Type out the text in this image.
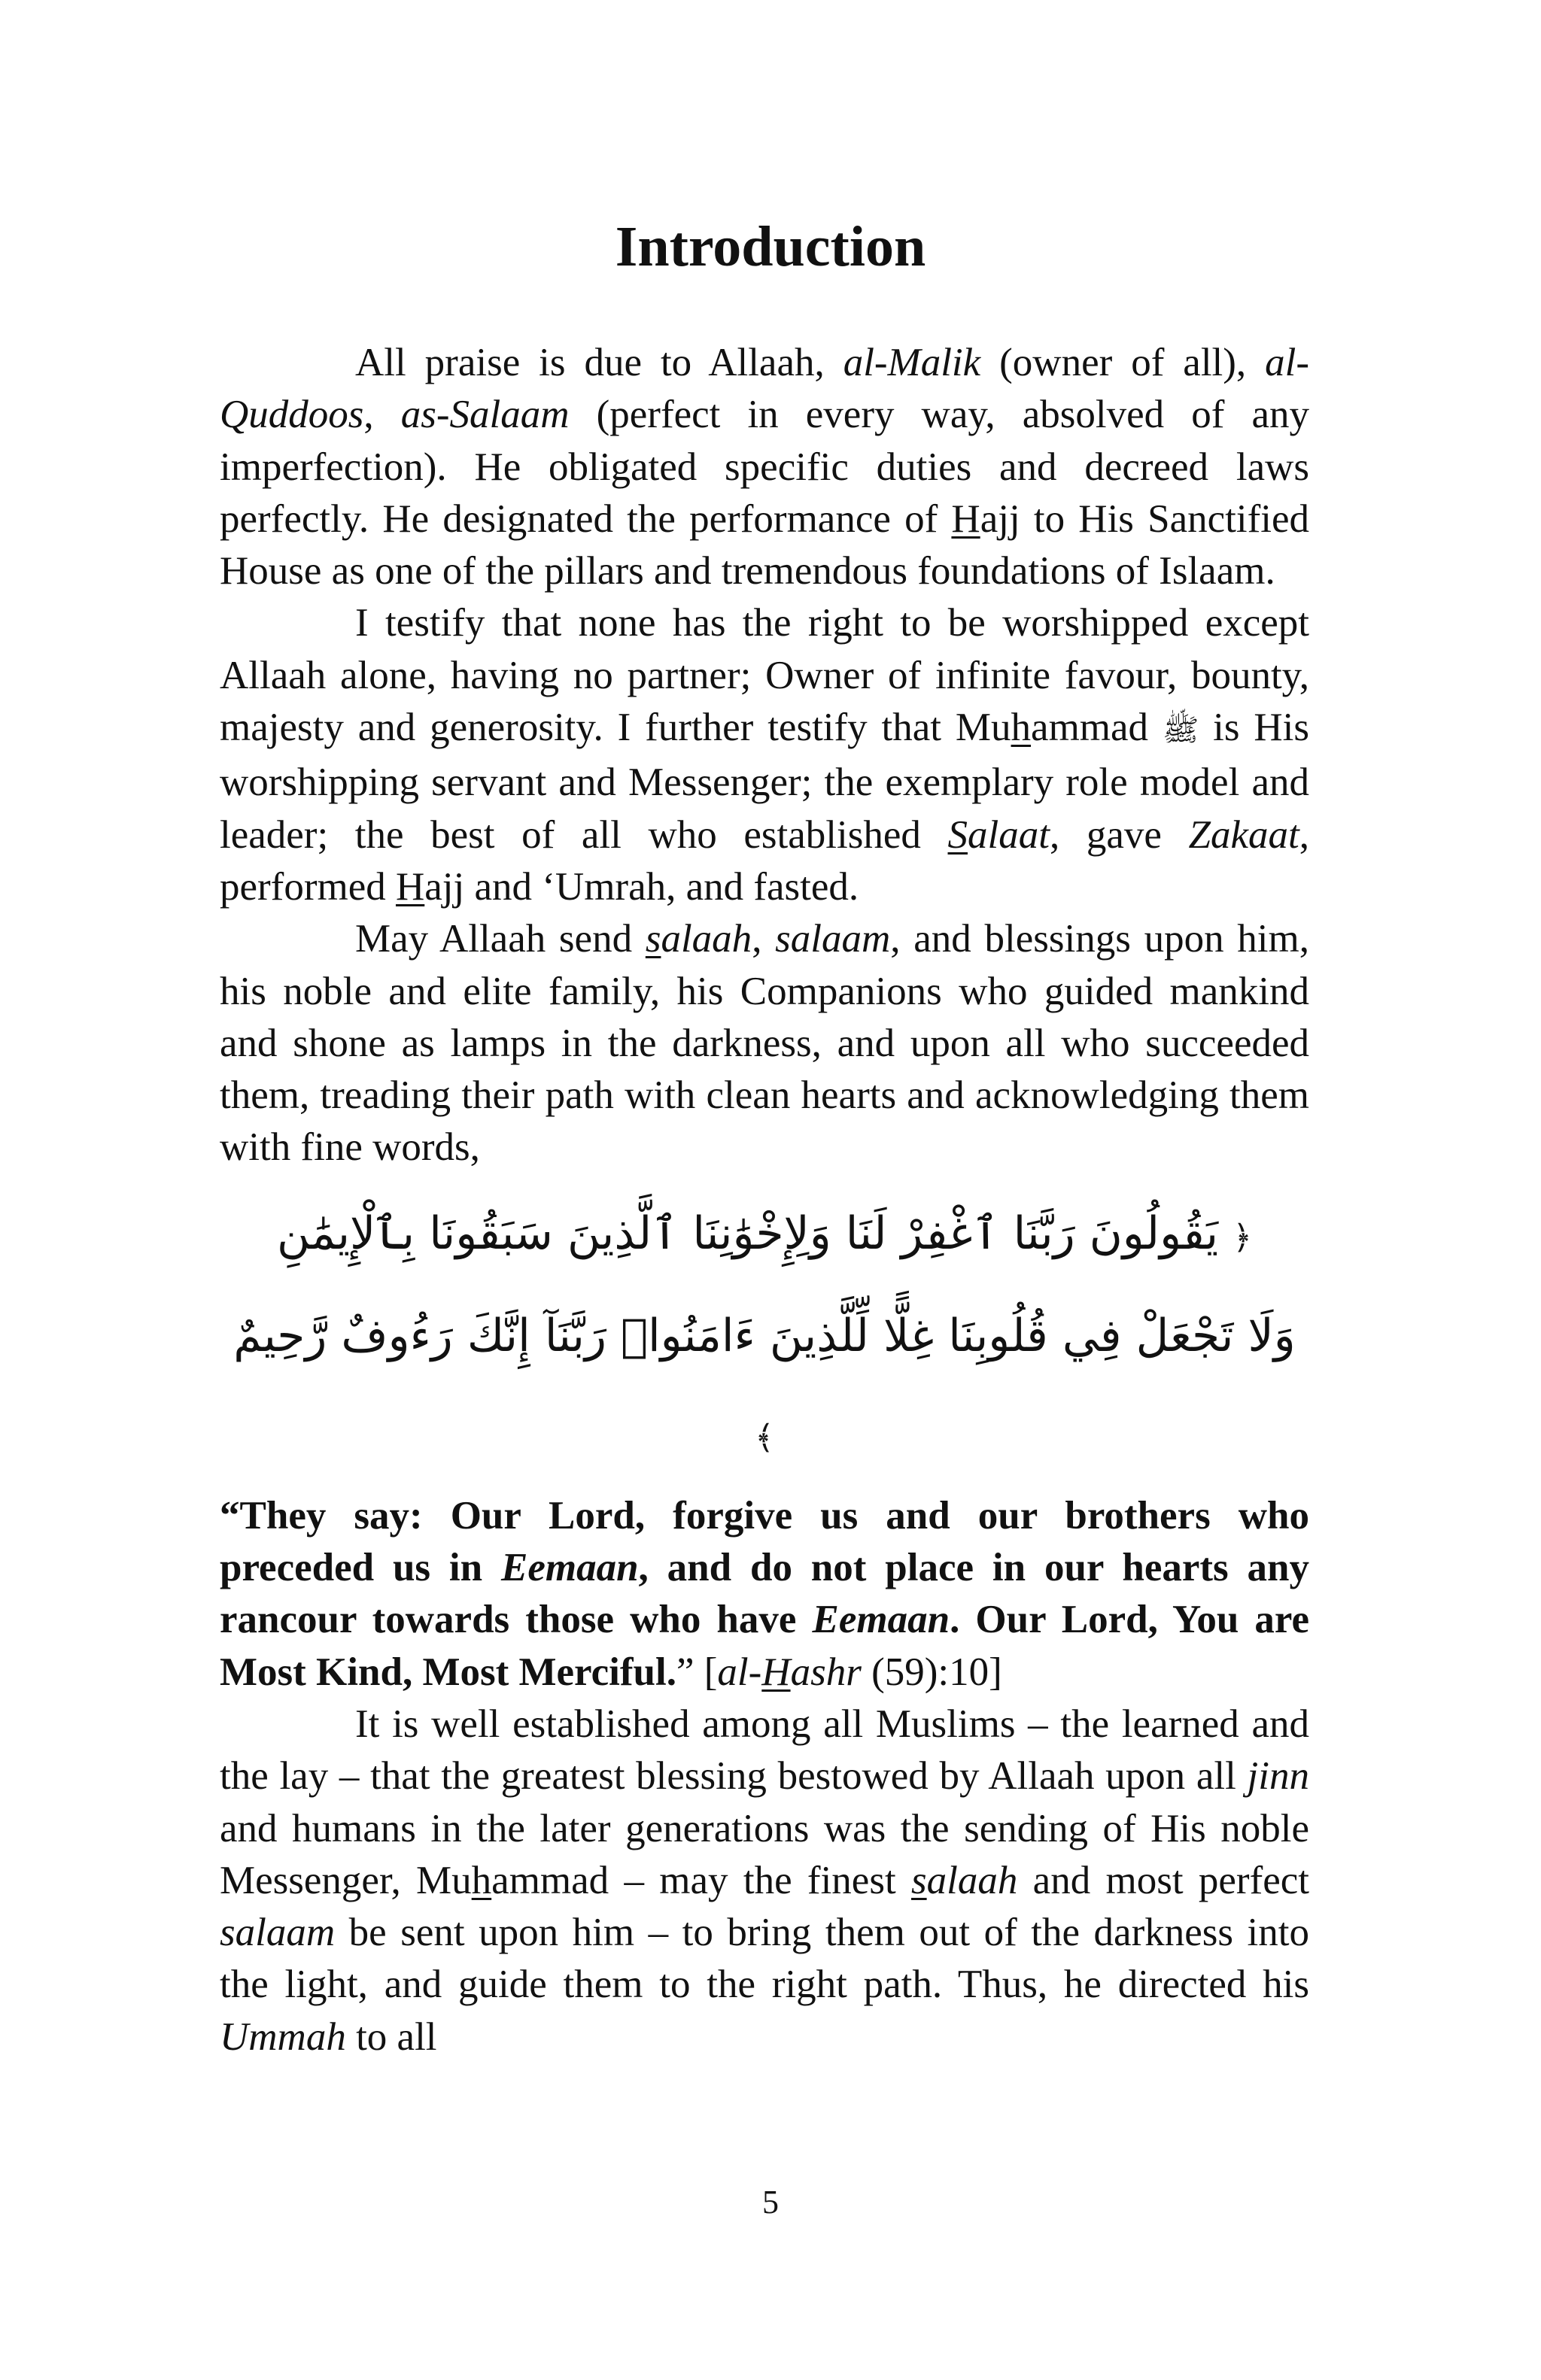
Introduction

All praise is due to Allaah, al-Malik (owner of all), al-Quddoos, as-Salaam (perfect in every way, absolved of any imperfection). He obligated specific duties and decreed laws perfectly. He designated the performance of Hajj to His Sanctified House as one of the pillars and tremendous foundations of Islaam.

I testify that none has the right to be worshipped except Allaah alone, having no partner; Owner of infinite favour, bounty, majesty and generosity. I further testify that Muhammad ﷺ is His worshipping servant and Messenger; the exemplary role model and leader; the best of all who established Salaat, gave Zakaat, performed Hajj and ‘Umrah, and fasted.

May Allaah send salaah, salaam, and blessings upon him, his noble and elite family, his Companions who guided mankind and shone as lamps in the darkness, and upon all who succeeded them, treading their path with clean hearts and acknowledging them with fine words,

﴿ يَقُولُونَ رَبَّنَا ٱغْفِرْ لَنَا وَلِإِخْوَٰنِنَا ٱلَّذِينَ سَبَقُونَا بِٱلْإِيمَٰنِ
وَلَا تَجْعَلْ فِي قُلُوبِنَا غِلًّا لِّلَّذِينَ ءَامَنُوا۟ رَبَّنَآ إِنَّكَ رَءُوفٌ رَّحِيمٌ ﴾

“They say: Our Lord, forgive us and our brothers who preceded us in Eemaan, and do not place in our hearts any rancour towards those who have Eemaan. Our Lord, You are Most Kind, Most Merciful.” [al-Hashr (59):10]

It is well established among all Muslims – the learned and the lay – that the greatest blessing bestowed by Allaah upon all jinn and humans in the later generations was the sending of His noble Messenger, Muhammad – may the finest salaah and most perfect salaam be sent upon him – to bring them out of the darkness into the light, and guide them to the right path. Thus, he directed his Ummah to all

5
